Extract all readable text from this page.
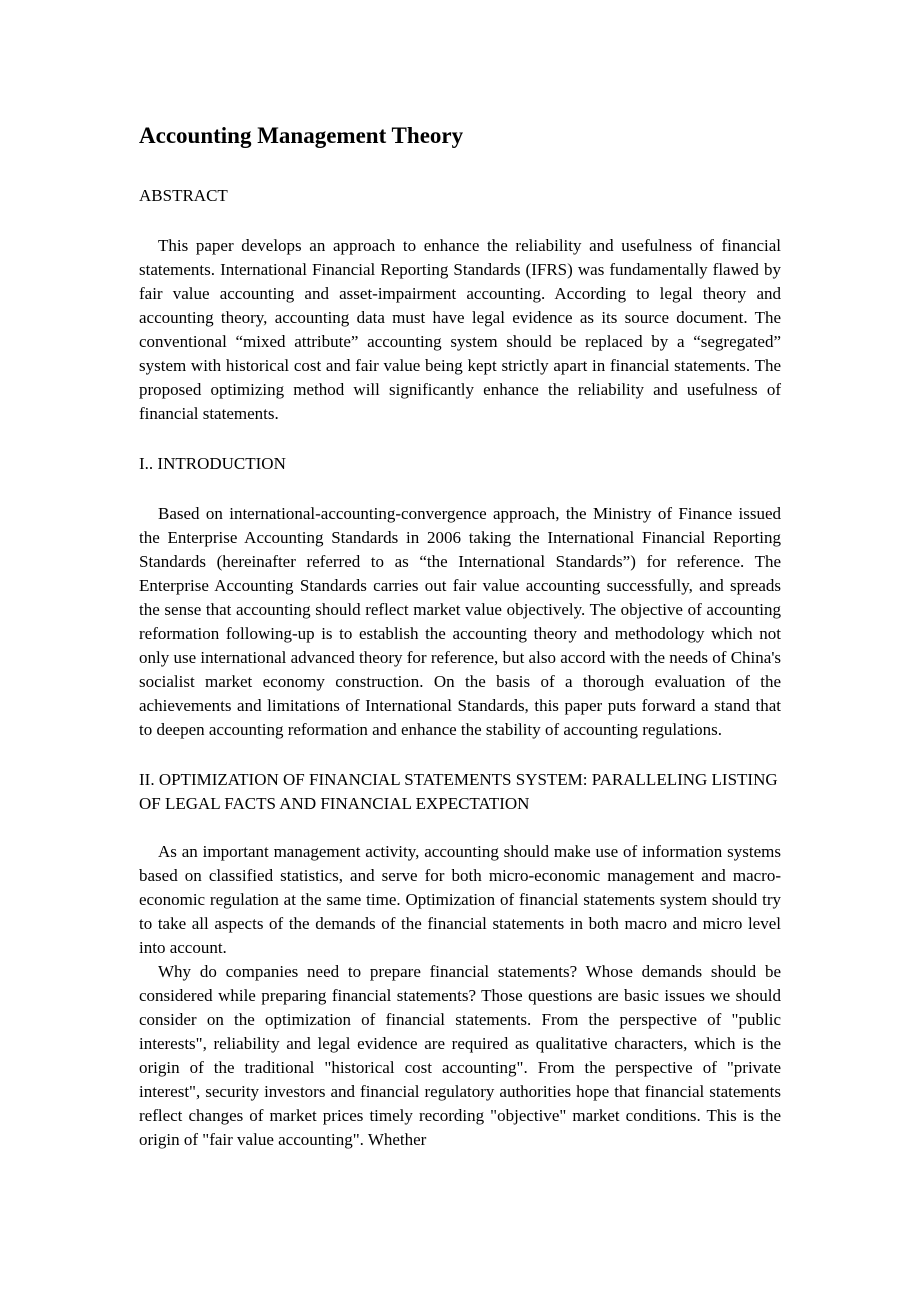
Accounting Management Theory
ABSTRACT

This paper develops an approach to enhance the reliability and usefulness of financial statements. International Financial Reporting Standards (IFRS) was fundamentally flawed by fair value accounting and asset-impairment accounting. According to legal theory and accounting theory, accounting data must have legal evidence as its source document. The conventional “mixed attribute” accounting system should be replaced by a “segregated” system with historical cost and fair value being kept strictly apart in financial statements. The proposed optimizing method will significantly enhance the reliability and usefulness of financial statements.

I.. INTRODUCTION

Based on international-accounting-convergence approach, the Ministry of Finance issued the Enterprise Accounting Standards in 2006 taking the International Financial Reporting Standards (hereinafter referred to as “the International Standards”) for reference. The Enterprise Accounting Standards carries out fair value accounting successfully, and spreads the sense that accounting should reflect market value objectively. The objective of accounting reformation following-up is to establish the accounting theory and methodology which not only use international advanced theory for reference, but also accord with the needs of China's socialist market economy construction. On the basis of a thorough evaluation of the achievements and limitations of International Standards, this paper puts forward a stand that to deepen accounting reformation and enhance the stability of accounting regulations.

II. OPTIMIZATION OF FINANCIAL STATEMENTS SYSTEM: PARALLELING LISTING OF LEGAL FACTS AND FINANCIAL EXPECTATION

As an important management activity, accounting should make use of information systems based on classified statistics, and serve for both micro-economic management and macro-economic regulation at the same time. Optimization of financial statements system should try to take all aspects of the demands of the financial statements in both macro and micro level into account.

Why do companies need to prepare financial statements? Whose demands should be considered while preparing financial statements? Those questions are basic issues we should consider on the optimization of financial statements. From the perspective of "public interests", reliability and legal evidence are required as qualitative characters, which is the origin of the traditional "historical cost accounting". From the perspective of "private interest", security investors and financial regulatory authorities hope that financial statements reflect changes of market prices timely recording "objective" market conditions. This is the origin of "fair value accounting". Whether
